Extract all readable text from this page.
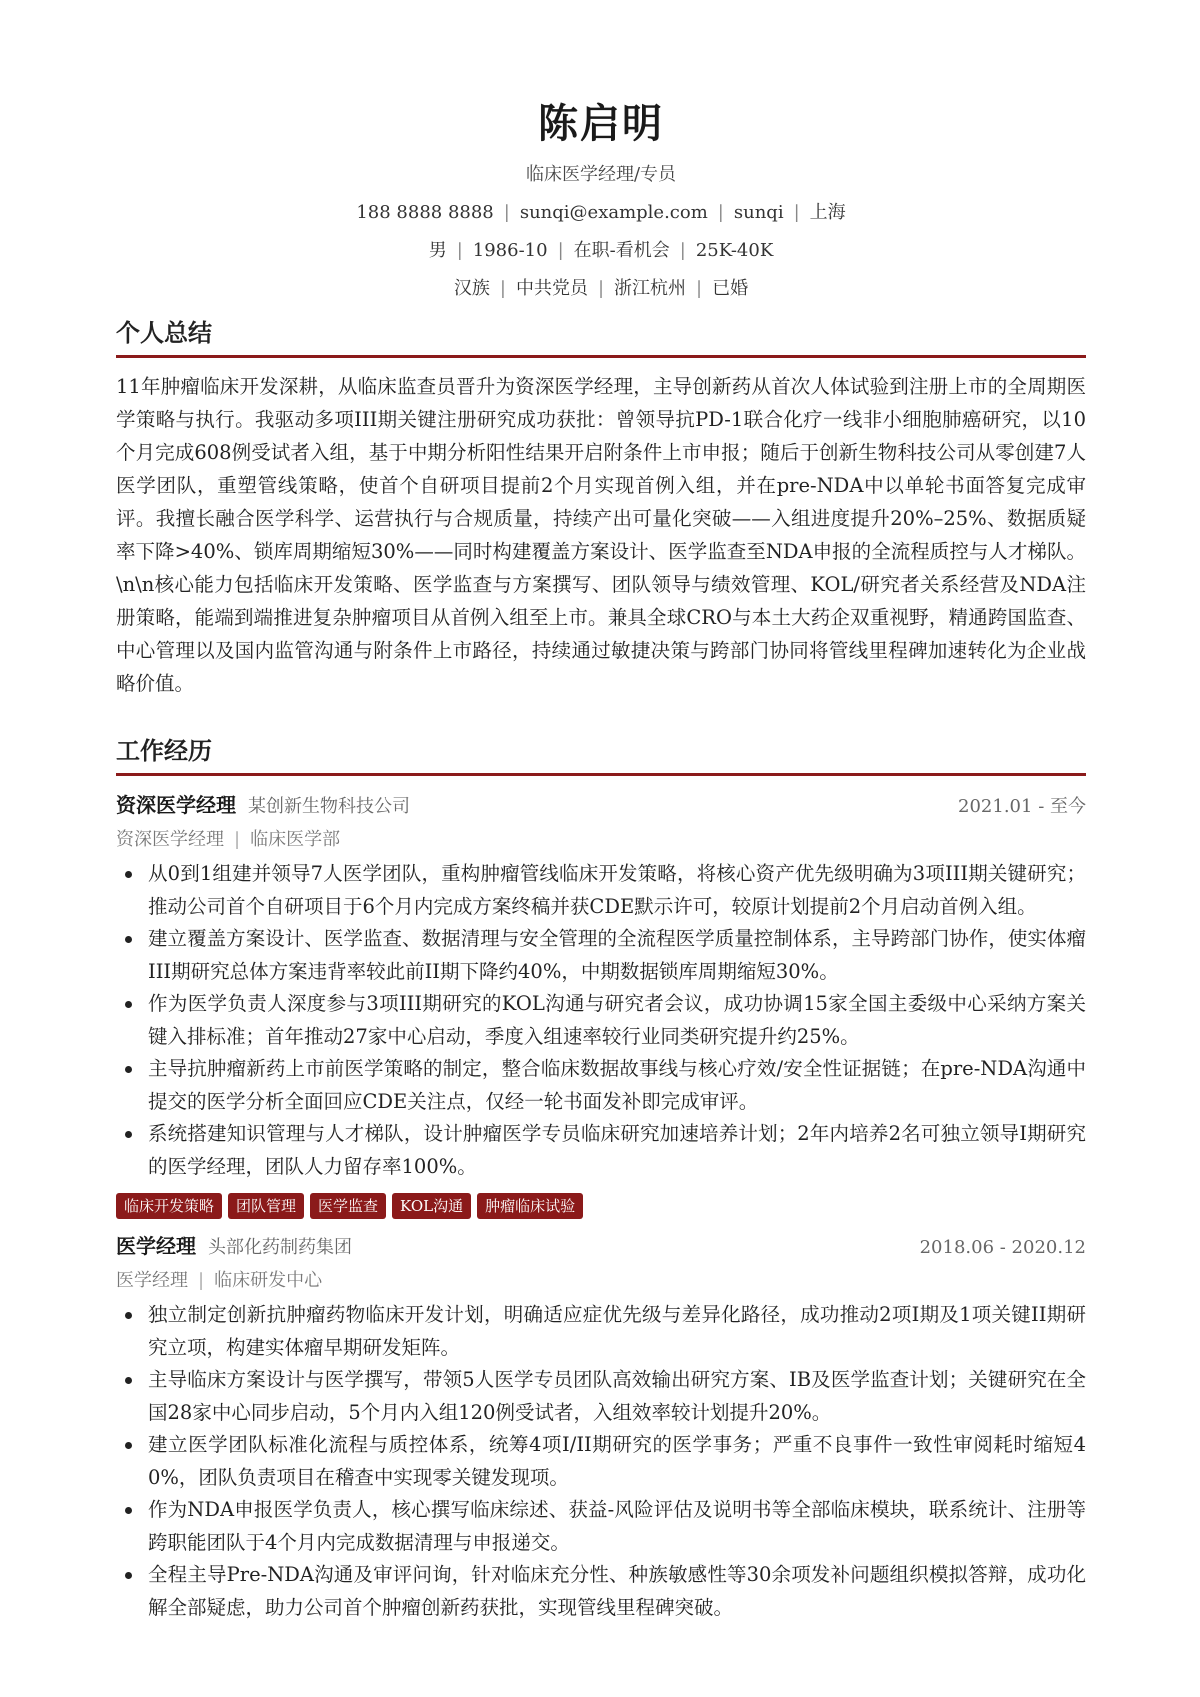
陈启明
临床医学经理/专员
188 8888 8888 | sunqi@example.com | sunqi | 上海
男 | 1986-10 | 在职-看机会 | 25K-40K
汉族 | 中共党员 | 浙江杭州 | 已婚
个人总结
11年肿瘤临床开发深耕，从临床监查员晋升为资深医学经理，主导创新药从首次人体试验到注册上市的全周期医学策略与执行。我驱动多项III期关键注册研究成功获批：曾领导抗PD-1联合化疗一线非小细胞肺癌研究，以10个月完成608例受试者入组，基于中期分析阳性结果开启附条件上市申报；随后于创新生物科技公司从零创建7人医学团队，重塑管线策略，使首个自研项目提前2个月实现首例入组，并在pre-NDA中以单轮书面答复完成审评。我擅长融合医学科学、运营执行与合规质量，持续产出可量化突破——入组进度提升20%–25%、数据质疑率下降>40%、锁库周期缩短30%——同时构建覆盖方案设计、医学监查至NDA申报的全流程质控与人才梯队。\n\n核心能力包括临床开发策略、医学监查与方案撰写、团队领导与绩效管理、KOL/研究者关系经营及NDA注册策略，能端到端推进复杂肿瘤项目从首例入组至上市。兼具全球CRO与本土大药企双重视野，精通跨国监查、中心管理以及国内监管沟通与附条件上市路径，持续通过敏捷决策与跨部门协同将管线里程碑加速转化为企业战略价值。
工作经历
资深医学经理 某创新生物科技公司	2021.01 - 至今
资深医学经理 | 临床医学部
从0到1组建并领导7人医学团队，重构肿瘤管线临床开发策略，将核心资产优先级明确为3项III期关键研究；推动公司首个自研项目于6个月内完成方案终稿并获CDE默示许可，较原计划提前2个月启动首例入组。
建立覆盖方案设计、医学监查、数据清理与安全管理的全流程医学质量控制体系，主导跨部门协作，使实体瘤III期研究总体方案违背率较此前II期下降约40%，中期数据锁库周期缩短30%。
作为医学负责人深度参与3项III期研究的KOL沟通与研究者会议，成功协调15家全国主委级中心采纳方案关键入排标准；首年推动27家中心启动，季度入组速率较行业同类研究提升约25%。
主导抗肿瘤新药上市前医学策略的制定，整合临床数据故事线与核心疗效/安全性证据链；在pre-NDA沟通中提交的医学分析全面回应CDE关注点，仅经一轮书面发补即完成审评。
系统搭建知识管理与人才梯队，设计肿瘤医学专员临床研究加速培养计划；2年内培养2名可独立领导I期研究的医学经理，团队人力留存率100%。
临床开发策略	团队管理	医学监查	KOL沟通	肿瘤临床试验
医学经理 头部化药制药集团	2018.06 - 2020.12
医学经理 | 临床研发中心
独立制定创新抗肿瘤药物临床开发计划，明确适应症优先级与差异化路径，成功推动2项I期及1项关键II期研究立项，构建实体瘤早期研发矩阵。
主导临床方案设计与医学撰写，带领5人医学专员团队高效输出研究方案、IB及医学监查计划；关键研究在全国28家中心同步启动，5个月内入组120例受试者，入组效率较计划提升20%。
建立医学团队标准化流程与质控体系，统筹4项I/II期研究的医学事务；严重不良事件一致性审阅耗时缩短40%，团队负责项目在稽查中实现零关键发现项。
作为NDA申报医学负责人，核心撰写临床综述、获益-风险评估及说明书等全部临床模块，联系统计、注册等跨职能团队于4个月内完成数据清理与申报递交。
全程主导Pre-NDA沟通及审评问询，针对临床充分性、种族敏感性等30余项发补问题组织模拟答辩，成功化解全部疑虑，助力公司首个肿瘤创新药获批，实现管线里程碑突破。
